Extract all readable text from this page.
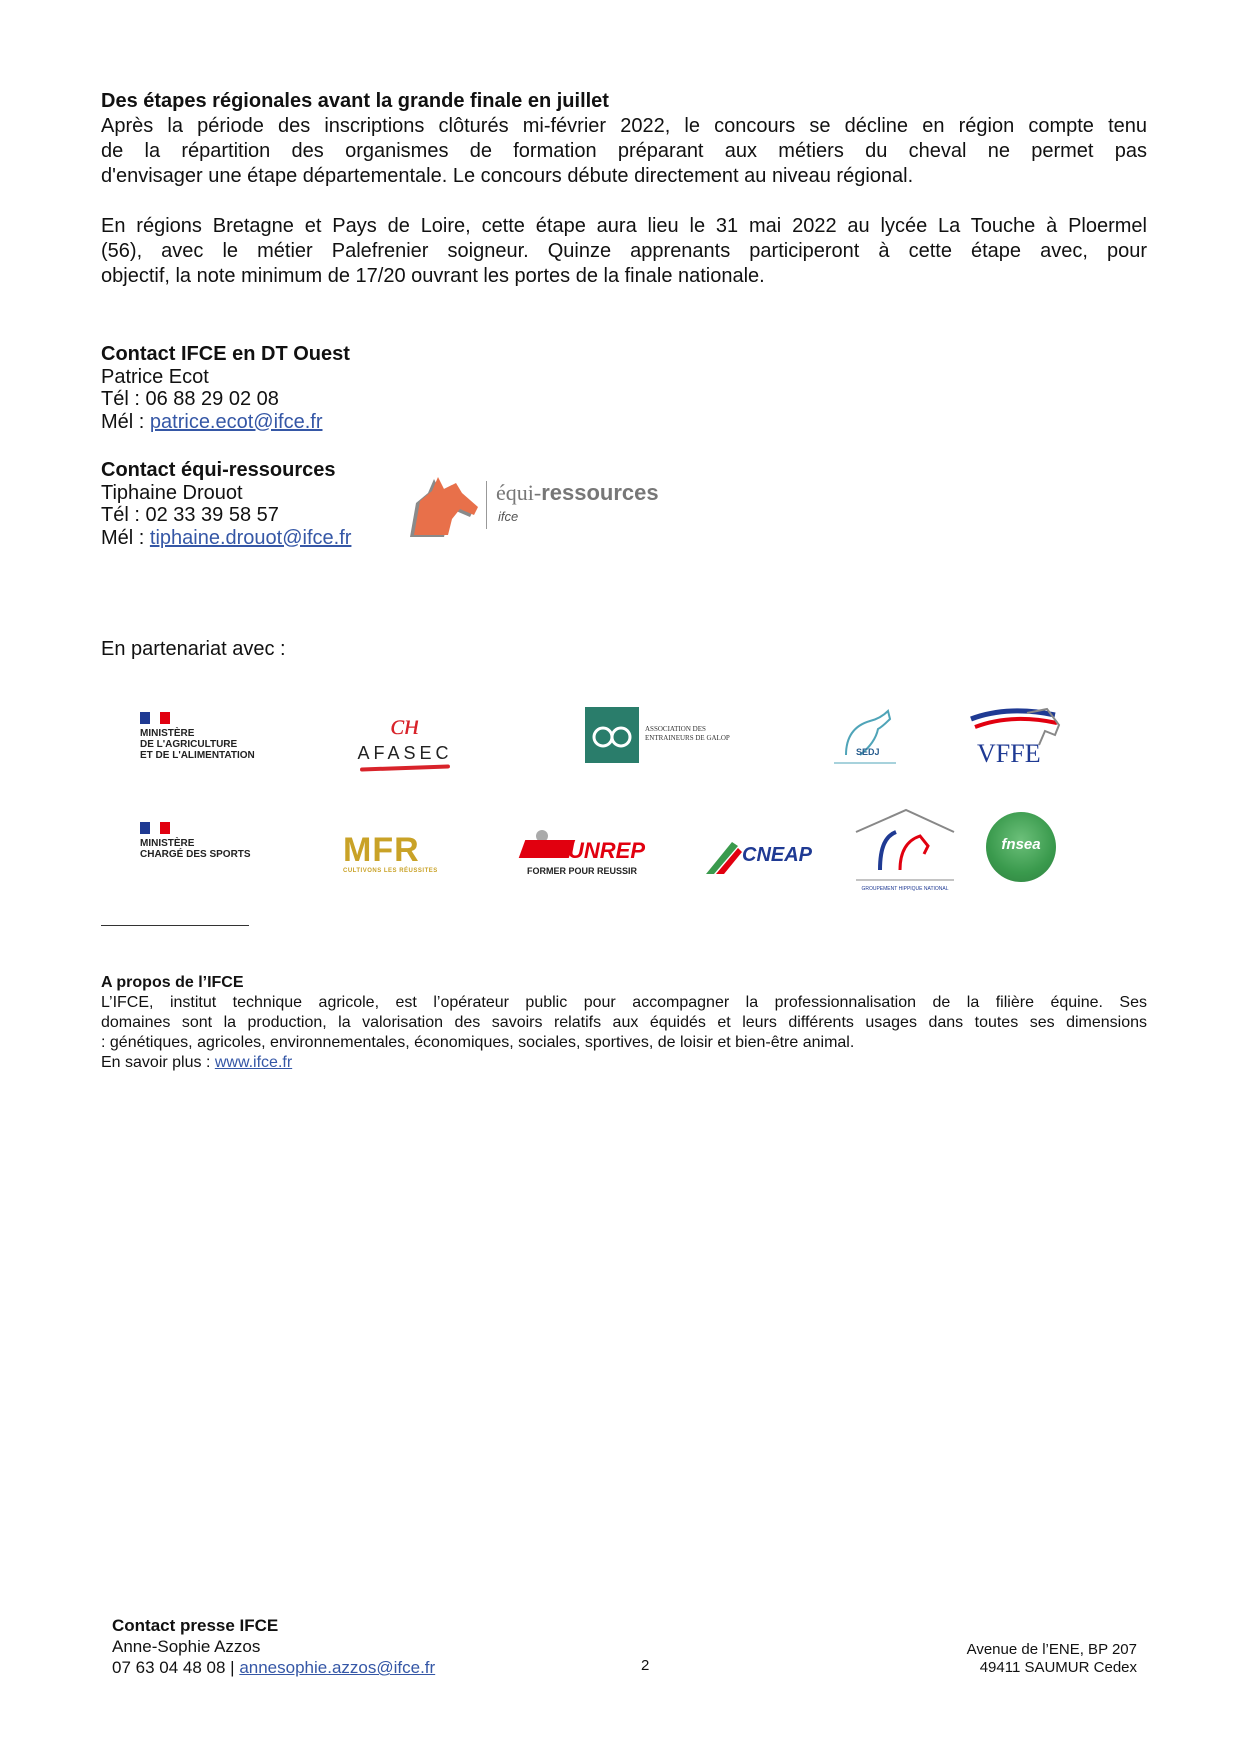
Des étapes régionales avant la grande finale en juillet
Après la période des inscriptions clôturés mi-février 2022, le concours se décline en région compte tenu
de la répartition des organismes de formation préparant aux métiers du cheval ne permet pas
d'envisager une étape départementale. Le concours débute directement au niveau régional.
En régions Bretagne et Pays de Loire, cette étape aura lieu le 31 mai 2022 au lycée La Touche à Ploermel
(56), avec le métier Palefrenier soigneur. Quinze apprenants participeront à cette étape avec, pour
objectif, la note minimum de 17/20 ouvrant les portes de la finale nationale.
Contact IFCE en DT Ouest
Patrice Ecot
Tél : 06 88 29 02 08
Mél : patrice.ecot@ifce.fr
Contact équi-ressources
Tiphaine Drouot
Tél : 02 33 39 58 57
Mél : tiphaine.drouot@ifce.fr
équi-ressources
ifce
En partenariat avec :
MINISTÈRE
DE L'AGRICULTURE
ET DE L'ALIMENTATION
ᴄʜ
AFASEC
ASSOCIATION DES
ENTRAINEURS DE GALOP
SEDJ	VFFE
MINISTÈRE
CHARGÉ DES SPORTS	MFR
CULTIVONS LES RÉUSSITES
UNREP
FORMER POUR REUSSIR
CNEAP
GROUPEMENT HIPPIQUE NATIONAL
fnsea
A propos de l’IFCE
L’IFCE, institut technique agricole, est l’opérateur public pour accompagner la professionnalisation de la filière équine. Ses
domaines sont la production, la valorisation des savoirs relatifs aux équidés et leurs différents usages dans toutes ses dimensions
: génétiques, agricoles, environnementales, économiques, sociales, sportives, de loisir et bien-être animal.
En savoir plus : www.ifce.fr
Contact presse IFCE
Anne-Sophie Azzos
07 63 04 48 08 | annesophie.azzos@ifce.fr	2
Avenue de l’ENE, BP 207
49411 SAUMUR Cedex
